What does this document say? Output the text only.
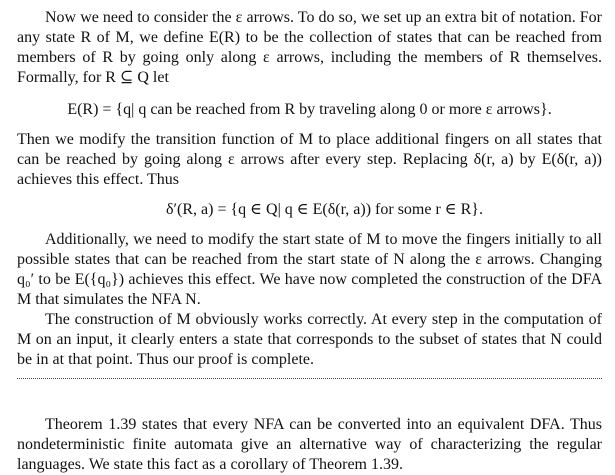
Now we need to consider the ε arrows. To do so, we set up an extra bit of notation. For any state R of M, we define E(R) to be the collection of states that can be reached from members of R by going only along ε arrows, including the members of R themselves. Formally, for R ⊆ Q let

E(R) = {q| q can be reached from R by traveling along 0 or more ε arrows}.

Then we modify the transition function of M to place additional fingers on all states that can be reached by going along ε arrows after every step. Replacing δ(r, a) by E(δ(r, a)) achieves this effect. Thus

δ′(R, a) = {q ∈ Q| q ∈ E(δ(r, a)) for some r ∈ R}.

Additionally, we need to modify the start state of M to move the fingers initially to all possible states that can be reached from the start state of N along the ε arrows. Changing q₀′ to be E({q₀}) achieves this effect. We have now completed the construction of the DFA M that simulates the NFA N.

The construction of M obviously works correctly. At every step in the computation of M on an input, it clearly enters a state that corresponds to the subset of states that N could be in at that point. Thus our proof is complete.

Theorem 1.39 states that every NFA can be converted into an equivalent DFA. Thus nondeterministic finite automata give an alternative way of characterizing the regular languages. We state this fact as a corollary of Theorem 1.39.
